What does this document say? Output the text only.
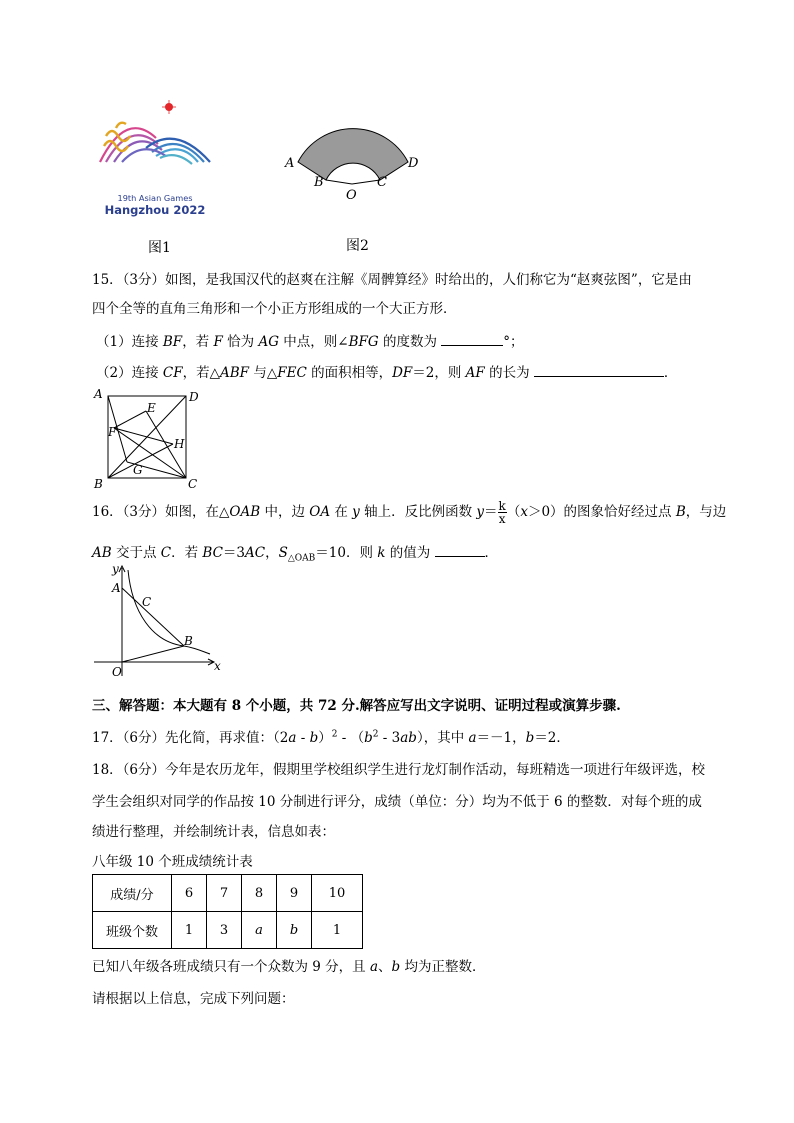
19th Asian Games
Hangzhou 2022
图1
A
B
O
C
D
图2
15．（3分）如图，是我国汉代的赵爽在注解《周髀算经》时给出的，人们称它为“赵爽弦图”，它是由
四个全等的直角三角形和一个小正方形组成的一个大正方形．
（1）连接 BF，若 F 恰为 AG 中点，则∠BFG 的度数为	°；
（2）连接 CF，若△ABF 与△FEC 的面积相等，DF＝2，则 AF 的长为	．
A	D
E
F
H
G
B	C
16．（3分）如图，在△OAB 中，边 OA 在 y 轴上．反比例函数 $y= \frac{k}{x} (x>0)$的图象恰好经过点 B，与边
AB 交于点 C．若 BC＝3AC，$S_{\triangle OAB}=10$．则 k 的值为	．
y
A
C
B
O	x
三、解答题：本大题有 8 个小题，共 72 分.解答应写出文字说明、证明过程或演算步骤.
17．（6分）先化简，再求值：$(2a - b)^2 - (b^2 - 3ab)$，其中 a＝－1，b＝2．
18．（6分）今年是农历龙年，假期里学校组织学生进行龙灯制作活动，每班精选一项进行年级评选，校
学生会组织对同学的作品按 10 分制进行评分，成绩（单位：分）均为不低于 6 的整数．对每个班的成
绩进行整理，并绘制统计表，信息如表：
八年级 10 个班成绩统计表
成绩/分	6	7	8	9	10
班级个数	1	3	a	b	1
已知八年级各班成绩只有一个众数为 9 分，且 a、b 均为正整数．
请根据以上信息，完成下列问题：
